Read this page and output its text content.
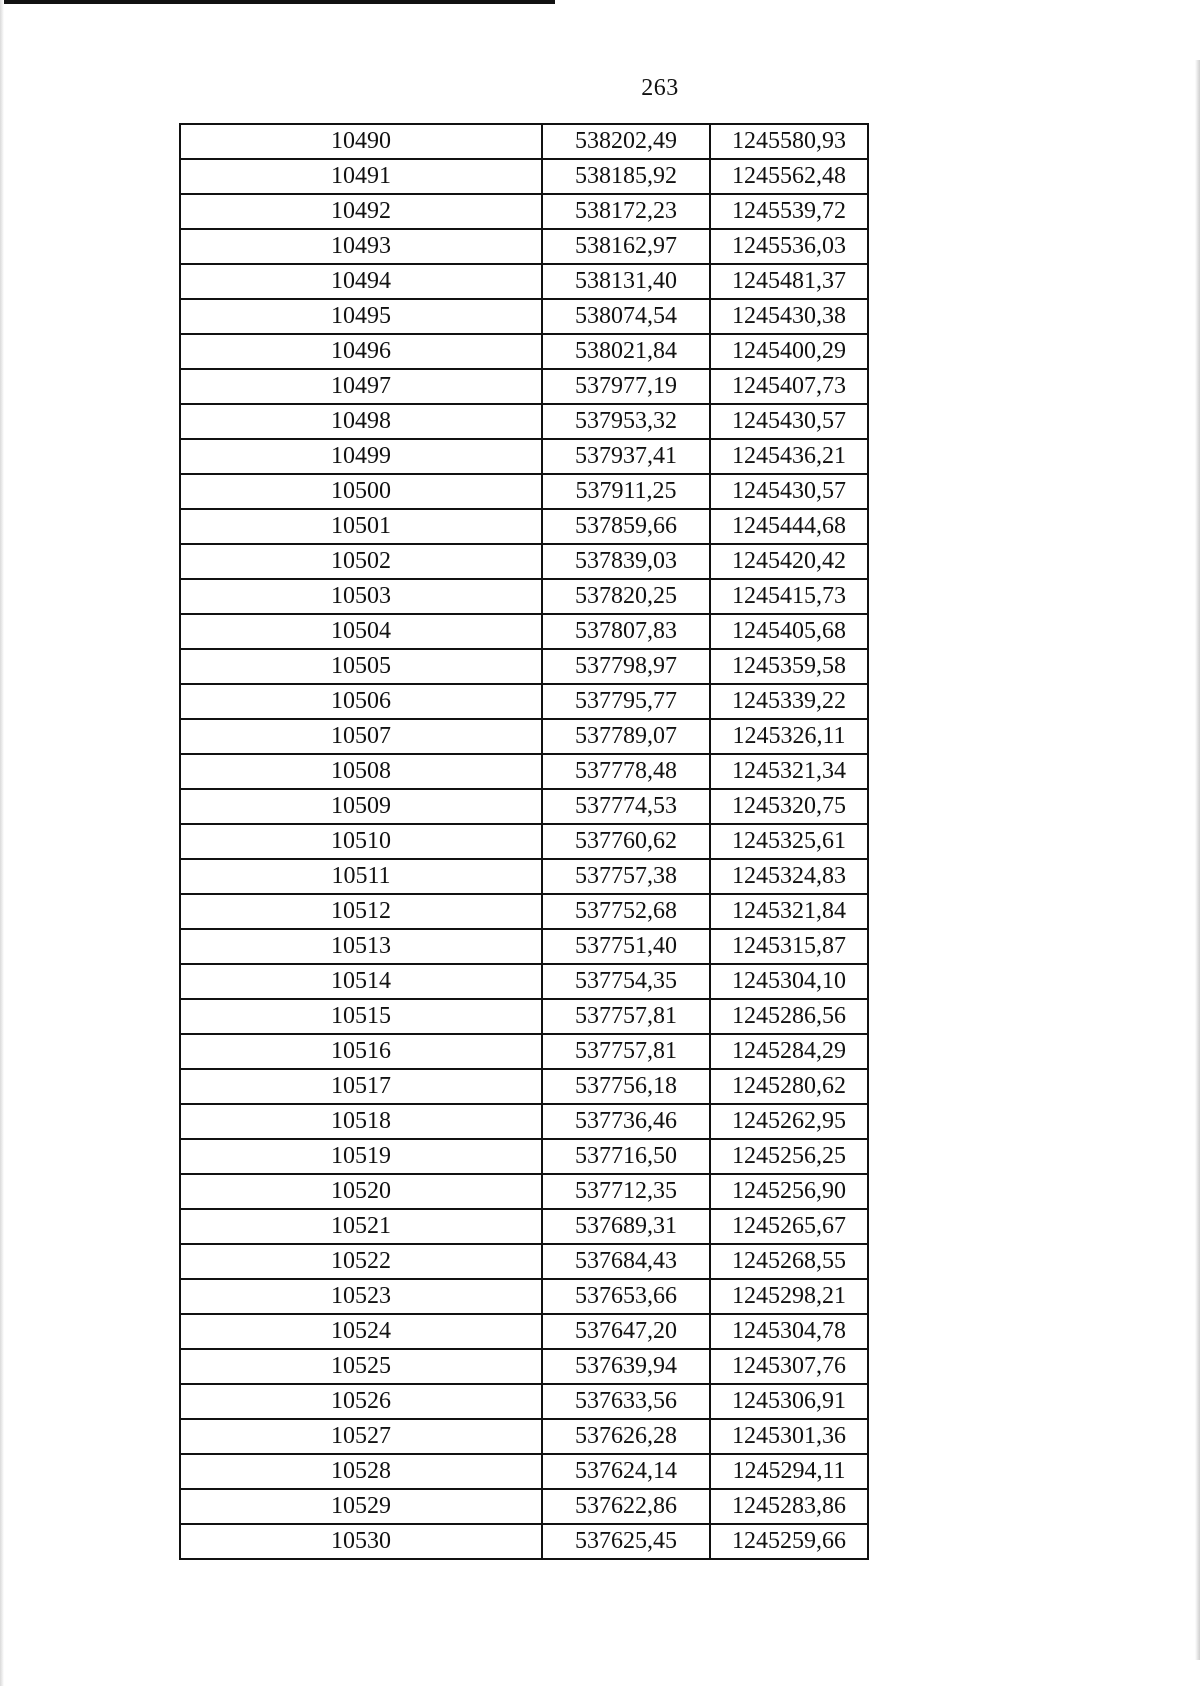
263
10490	538202,49	1245580,93
10491	538185,92	1245562,48
10492	538172,23	1245539,72
10493	538162,97	1245536,03
10494	538131,40	1245481,37
10495	538074,54	1245430,38
10496	538021,84	1245400,29
10497	537977,19	1245407,73
10498	537953,32	1245430,57
10499	537937,41	1245436,21
10500	537911,25	1245430,57
10501	537859,66	1245444,68
10502	537839,03	1245420,42
10503	537820,25	1245415,73
10504	537807,83	1245405,68
10505	537798,97	1245359,58
10506	537795,77	1245339,22
10507	537789,07	1245326,11
10508	537778,48	1245321,34
10509	537774,53	1245320,75
10510	537760,62	1245325,61
10511	537757,38	1245324,83
10512	537752,68	1245321,84
10513	537751,40	1245315,87
10514	537754,35	1245304,10
10515	537757,81	1245286,56
10516	537757,81	1245284,29
10517	537756,18	1245280,62
10518	537736,46	1245262,95
10519	537716,50	1245256,25
10520	537712,35	1245256,90
10521	537689,31	1245265,67
10522	537684,43	1245268,55
10523	537653,66	1245298,21
10524	537647,20	1245304,78
10525	537639,94	1245307,76
10526	537633,56	1245306,91
10527	537626,28	1245301,36
10528	537624,14	1245294,11
10529	537622,86	1245283,86
10530	537625,45	1245259,66
